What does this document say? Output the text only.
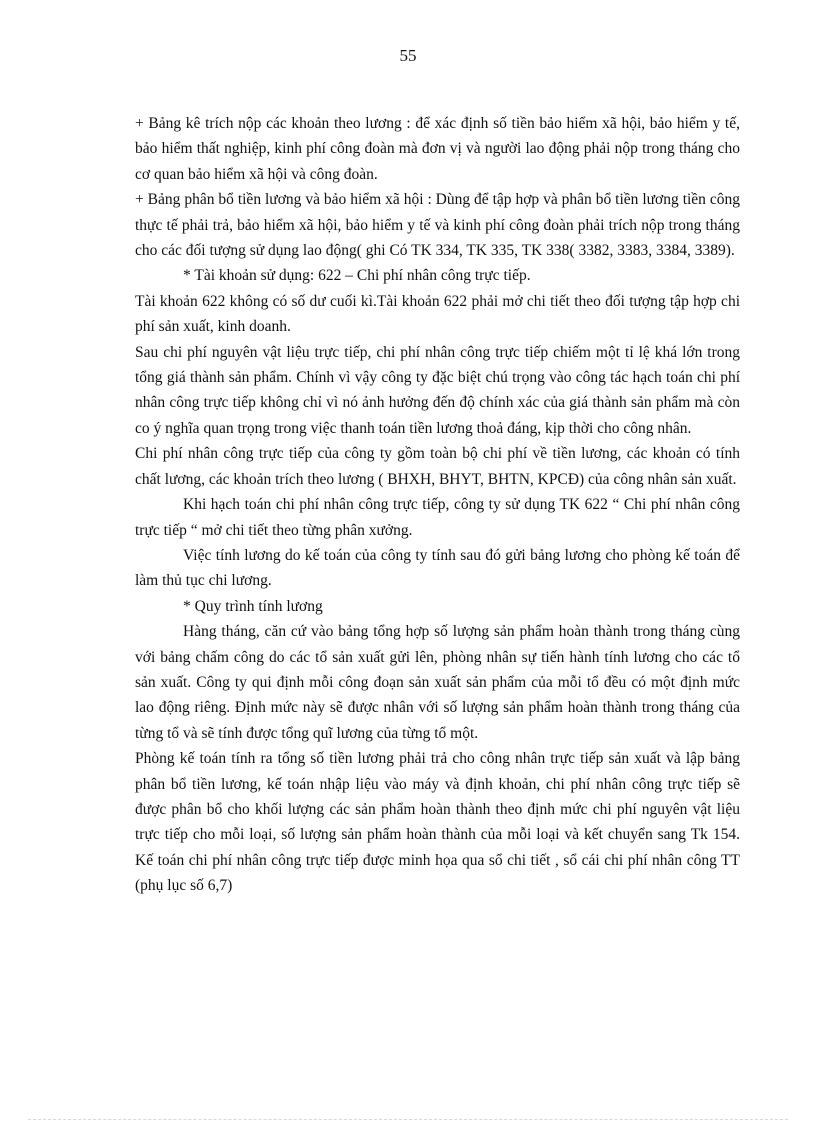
55

+ Bảng kê trích nộp các khoản theo lương : để xác định số tiền bảo hiểm xã hội, bảo hiểm y tế, bảo hiểm thất nghiệp, kinh phí công đoàn mà đơn vị và người lao động phải nộp trong tháng cho cơ quan bảo hiểm xã hội và công đoàn.

+ Bảng phân bổ tiền lương và bảo hiểm xã hội : Dùng để tập hợp và phân bổ tiền lương tiền công thực tế phải trả, bảo hiểm xã hội, bảo hiểm y tế và kinh phí công đoàn phải trích nộp trong tháng cho các đối tượng sử dụng lao động( ghi Có TK 334, TK 335, TK 338( 3382, 3383, 3384, 3389).

* Tài khoản sử dụng: 622 – Chi phí nhân công trực tiếp.

Tài khoản 622 không có số dư cuối kì.Tài khoản 622 phải mở chi tiết theo đối tượng tập hợp chi phí sản xuất, kinh doanh.

Sau chi phí nguyên vật liệu trực tiếp, chi phí nhân công trực tiếp chiếm một tỉ lệ khá lớn trong tổng giá thành sản phẩm. Chính vì vậy công ty đặc biệt chú trọng vào công tác hạch toán chi phí nhân công trực tiếp không chỉ vì nó ảnh hưởng đến độ chính xác của giá thành sản phẩm mà còn co ý nghĩa quan trọng trong việc thanh toán tiền lương thoả đáng, kịp thời cho công nhân.

Chi phí nhân công trực tiếp của công ty gồm toàn bộ chi phí về tiền lương, các khoản có tính chất lương, các khoản trích theo lương ( BHXH, BHYT, BHTN, KPCĐ) của công nhân sản xuất.

Khi hạch toán chi phí nhân công trực tiếp, công ty sử dụng TK 622 “ Chi phí nhân công trực tiếp “ mở chi tiết theo từng phân xưởng.

Việc tính lương do kế toán của công ty tính sau đó gửi bảng lương cho phòng kế toán để làm thủ tục chi lương.

* Quy trình tính lương

Hàng tháng, căn cứ vào bảng tổng hợp số lượng sản phẩm hoàn thành trong tháng cùng với bảng chấm công do các tổ sản xuất gửi lên, phòng nhân sự tiến hành tính lương cho các tổ sản xuất. Công ty qui định mỗi công đoạn sản xuất sản phẩm của mỗi tổ đều có một định mức lao động riêng. Định mức này sẽ được nhân với số lượng sản phẩm hoàn thành trong tháng của từng tổ và sẽ tính được tổng quĩ lương của từng tổ một.

Phòng kế toán tính ra tổng số tiền lương phải trả cho công nhân trực tiếp sản xuất và lập bảng phân bổ tiền lương, kế toán nhập liệu vào máy và định khoản, chi phí nhân công trực tiếp sẽ được phân bổ cho khối lượng các sản phẩm hoàn thành theo định mức chi phí nguyên vật liệu trực tiếp cho mỗi loại, số lượng sản phẩm hoàn thành của mỗi loại và kết chuyển sang Tk 154. Kế toán chi phí nhân công trực tiếp được minh họa qua sổ chi tiết , sổ cái chi phí nhân công TT (phụ lục số 6,7)
